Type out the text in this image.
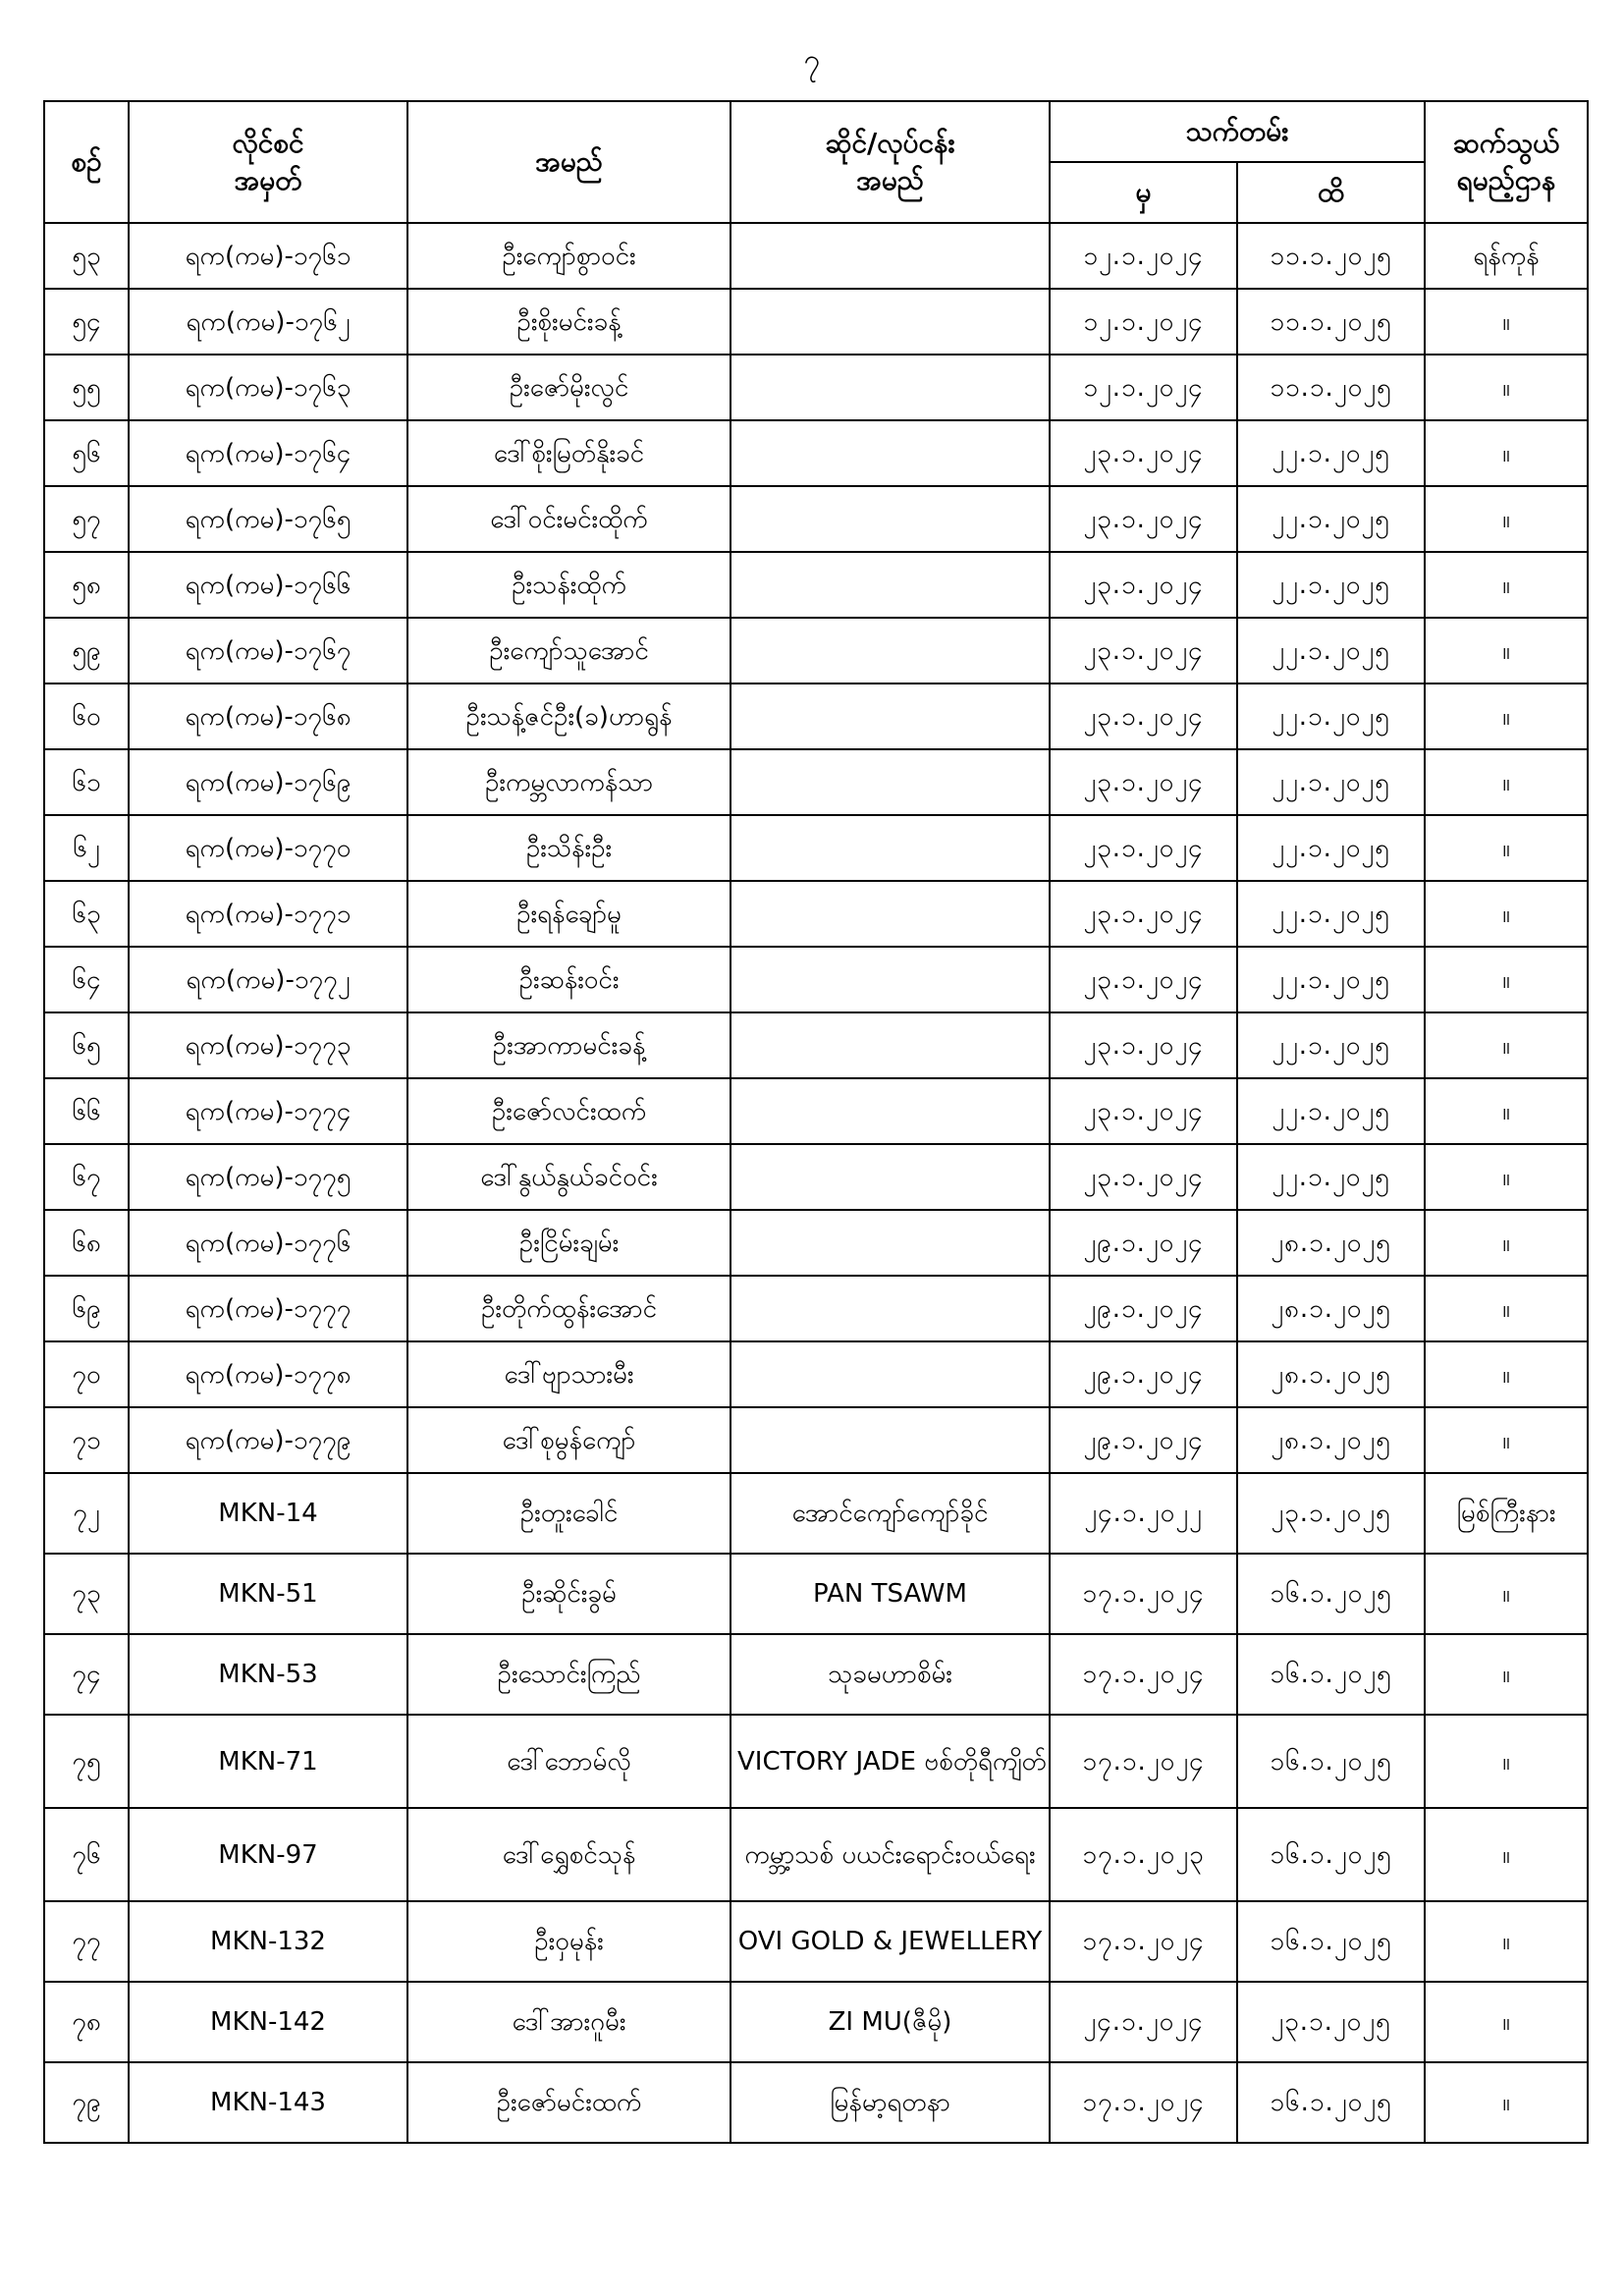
၇
စဉ်	လိုင်စင်
အမှတ်	အမည်	ဆိုင်/လုပ်ငန်း
အမည်	သက်တမ်း		ဆက်သွယ်
ရမည့်ဌာန

				မှ	ထိ	
၅၃	ရက(ကမ)-၁၇၆၁	ဦးကျော်စွာဝင်း		၁၂.၁.၂၀၂၄	၁၁.၁.၂၀၂၅	ရန်ကုန်
၅၄	ရက(ကမ)-၁၇၆၂	ဦးစိုးမင်းခန့်		၁၂.၁.၂၀၂၄	၁၁.၁.၂၀၂၅	။
၅၅	ရက(ကမ)-၁၇၆၃	ဦးဇော်မိုးလွင်		၁၂.၁.၂၀၂၄	၁၁.၁.၂၀၂၅	။
၅၆	ရက(ကမ)-၁၇၆၄	ဒေါ်စိုးမြတ်နိုးခင်		၂၃.၁.၂၀၂၄	၂၂.၁.၂၀၂၅	။
၅၇	ရက(ကမ)-၁၇၆၅	ဒေါ်ဝင်းမင်းထိုက်		၂၃.၁.၂၀၂၄	၂၂.၁.၂၀၂၅	။
၅၈	ရက(ကမ)-၁၇၆၆	ဦးသန်းထိုက်		၂၃.၁.၂၀၂၄	၂၂.၁.၂၀၂၅	။
၅၉	ရက(ကမ)-၁၇၆၇	ဦးကျော်သူအောင်		၂၃.၁.၂၀၂၄	၂၂.၁.၂၀၂၅	။
၆၀	ရက(ကမ)-၁၇၆၈	ဦးသန့်ဇင်ဦး(ခ)ဟာရွန်		၂၃.၁.၂၀၂၄	၂၂.၁.၂၀၂၅	။
၆၁	ရက(ကမ)-၁၇၆၉	ဦးကမ္ဘလာကန်သာ		၂၃.၁.၂၀၂၄	၂၂.၁.၂၀၂၅	။
၆၂	ရက(ကမ)-၁၇၇၀	ဦးသိန်းဦး		၂၃.၁.၂၀၂၄	၂၂.၁.၂၀၂၅	။
၆၃	ရက(ကမ)-၁၇၇၁	ဦးရန်ချော်မူ		၂၃.၁.၂၀၂၄	၂၂.၁.၂၀၂၅	။
၆၄	ရက(ကမ)-၁၇၇၂	ဦးဆန်းဝင်း		၂၃.၁.၂၀၂၄	၂၂.၁.၂၀၂၅	။
၆၅	ရက(ကမ)-၁၇၇၃	ဦးအာကာမင်းခန့်		၂၃.၁.၂၀၂၄	၂၂.၁.၂၀၂၅	။
၆၆	ရက(ကမ)-၁၇၇၄	ဦးဇော်လင်းထက်		၂၃.၁.၂၀၂၄	၂၂.၁.၂၀၂၅	။
၆၇	ရက(ကမ)-၁၇၇၅	ဒေါ်နွယ်နွယ်ခင်ဝင်း		၂၃.၁.၂၀၂၄	၂၂.၁.၂၀၂၅	။
၆၈	ရက(ကမ)-၁၇၇၆	ဦးငြိမ်းချမ်း		၂၉.၁.၂၀၂၄	၂၈.၁.၂၀၂၅	။
၆၉	ရက(ကမ)-၁၇၇၇	ဦးတိုက်ထွန်းအောင်		၂၉.၁.၂၀၂၄	၂၈.၁.၂၀၂၅	။
၇၀	ရက(ကမ)-၁၇၇၈	ဒေါ်ဗျာသားမီး		၂၉.၁.၂၀၂၄	၂၈.၁.၂၀၂၅	။
၇၁	ရက(ကမ)-၁၇၇၉	ဒေါ်စုမွန်ကျော်		၂၉.၁.၂၀၂၄	၂၈.၁.၂၀၂၅	။
၇၂	MKN-14	ဦးတူးခေါင်	အောင်ကျော်ကျော်ခိုင်	၂၄.၁.၂၀၂၂	၂၃.၁.၂၀၂၅	မြစ်ကြီးနား
၇၃	MKN-51	ဦးဆိုင်းခွမ်	PAN TSAWM	၁၇.၁.၂၀၂၄	၁၆.၁.၂၀၂၅	။
၇၄	MKN-53	ဦးသောင်းကြည်	သုခမဟာစိမ်း	၁၇.၁.၂၀၂၄	၁၆.၁.၂၀၂၅	။
၇၅	MKN-71	ဒေါ်ဘောမ်လို	VICTORY JADE ဗစ်တိုရီကျိတ်	၁၇.၁.၂၀၂၄	၁၆.၁.၂၀၂၅	။
၇၆	MKN-97	ဒေါ်ရွှေစင်သုန်	ကမ္ဘာ့သစ် ပယင်းရောင်းဝယ်ရေး	၁၇.၁.၂၀၂၃	၁၆.၁.၂၀၂၅	။
၇၇	MKN-132	ဦးဝှမုန်း	OVI GOLD & JEWELLERY	၁၇.၁.၂၀၂၄	၁၆.၁.၂၀၂၅	။
၇၈	MKN-142	ဒေါ်အားဂူမီး	ZI MU(ဇီမို)	၂၄.၁.၂၀၂၄	၂၃.၁.၂၀၂၅	။
၇၉	MKN-143	ဦးဇော်မင်းထက်	မြန်မာ့ရတနာ	၁၇.၁.၂၀၂၄	၁၆.၁.၂၀၂၅	။
